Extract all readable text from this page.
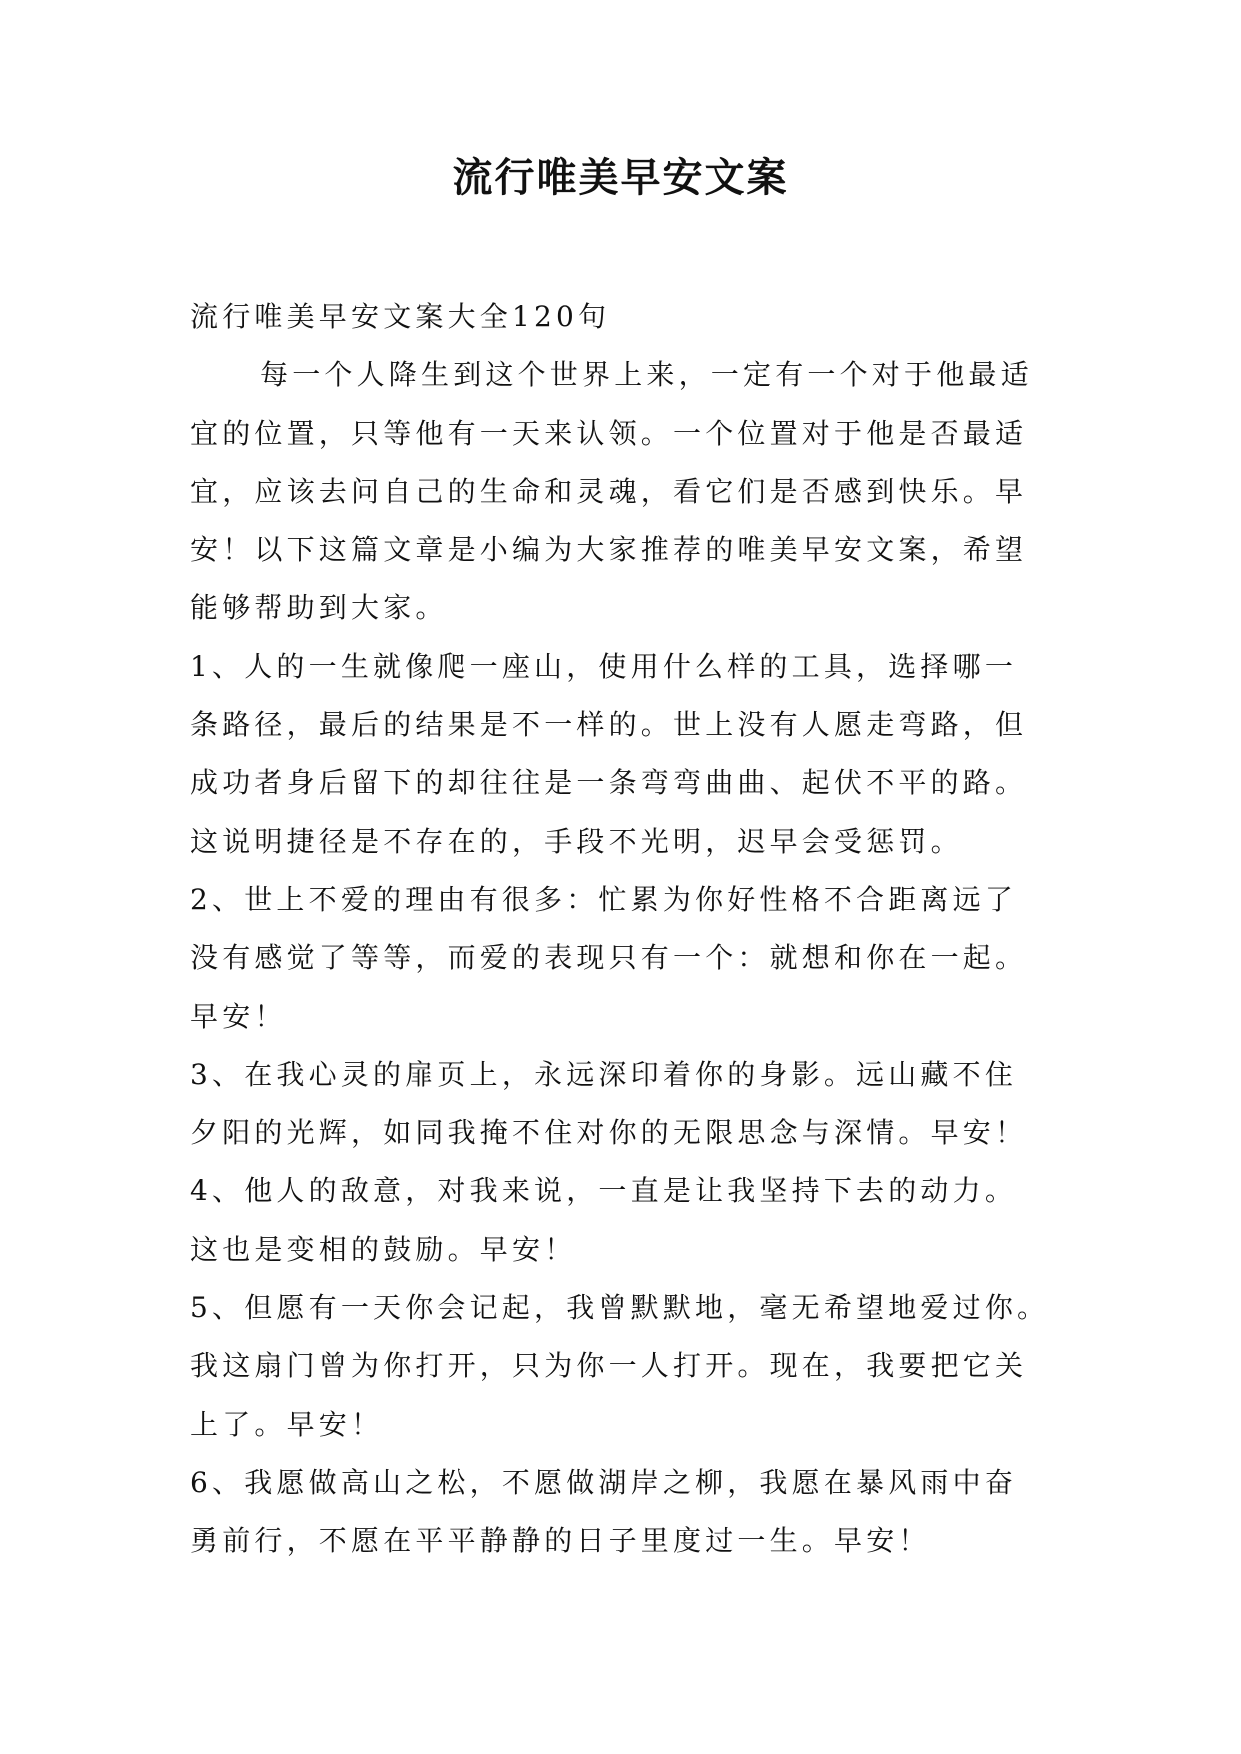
流行唯美早安文案
流行唯美早安文案大全120句
每一个人降生到这个世界上来，一定有一个对于他最适
宜的位置，只等他有一天来认领。一个位置对于他是否最适
宜，应该去问自己的生命和灵魂，看它们是否感到快乐。早
安！以下这篇文章是小编为大家推荐的唯美早安文案，希望
能够帮助到大家。
1、人的一生就像爬一座山，使用什么样的工具，选择哪一
条路径，最后的结果是不一样的。世上没有人愿走弯路，但
成功者身后留下的却往往是一条弯弯曲曲、起伏不平的路。
这说明捷径是不存在的，手段不光明，迟早会受惩罚。
2、世上不爱的理由有很多：忙累为你好性格不合距离远了
没有感觉了等等，而爱的表现只有一个：就想和你在一起。
早安！
3、在我心灵的扉页上，永远深印着你的身影。远山藏不住
夕阳的光辉，如同我掩不住对你的无限思念与深情。早安！
4、他人的敌意，对我来说，一直是让我坚持下去的动力。
这也是变相的鼓励。早安！
5、但愿有一天你会记起，我曾默默地，毫无希望地爱过你。
我这扇门曾为你打开，只为你一人打开。现在，我要把它关
上了。早安！
6、我愿做高山之松，不愿做湖岸之柳，我愿在暴风雨中奋
勇前行，不愿在平平静静的日子里度过一生。早安！
